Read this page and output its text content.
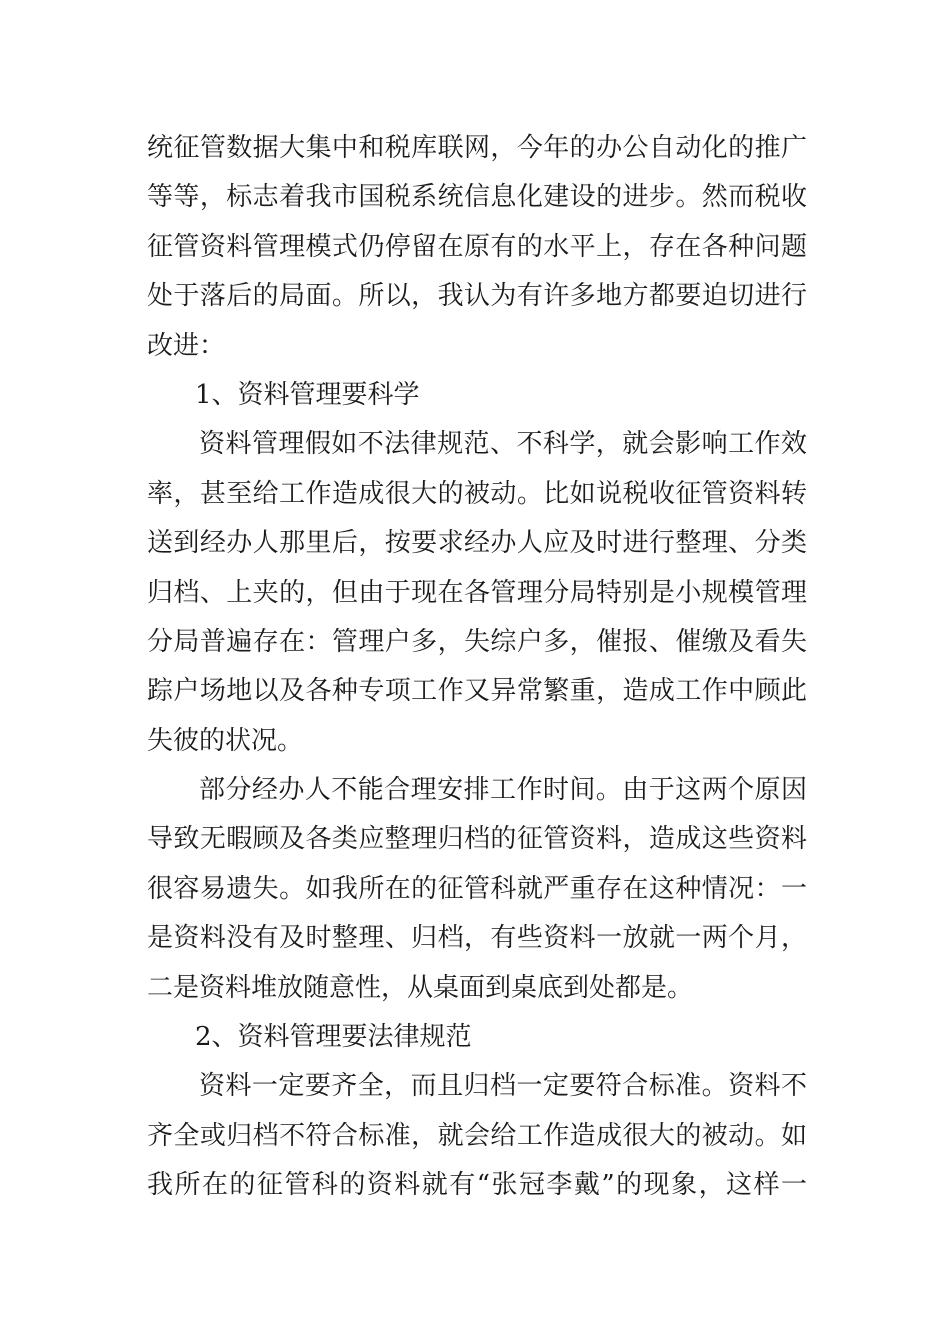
统征管数据大集中和税库联网，今年的办公自动化的推广
等等，标志着我市国税系统信息化建设的进步。然而税收
征管资料管理模式仍停留在原有的水平上，存在各种问题
处于落后的局面。所以，我认为有许多地方都要迫切进行
改进：
1、资料管理要科学
资料管理假如不法律规范、不科学，就会影响工作效
率，甚至给工作造成很大的被动。比如说税收征管资料转
送到经办人那里后，按要求经办人应及时进行整理、分类
归档、上夹的，但由于现在各管理分局特别是小规模管理
分局普遍存在：管理户多，失综户多，催报、催缴及看失
踪户场地以及各种专项工作又异常繁重，造成工作中顾此
失彼的状况。
部分经办人不能合理安排工作时间。由于这两个原因
导致无暇顾及各类应整理归档的征管资料，造成这些资料
很容易遗失。如我所在的征管科就严重存在这种情况：一
是资料没有及时整理、归档，有些资料一放就一两个月，
二是资料堆放随意性，从桌面到桌底到处都是。
2、资料管理要法律规范
资料一定要齐全，而且归档一定要符合标准。资料不
齐全或归档不符合标准，就会给工作造成很大的被动。如
我所在的征管科的资料就有“张冠李戴”的现象，这样一
